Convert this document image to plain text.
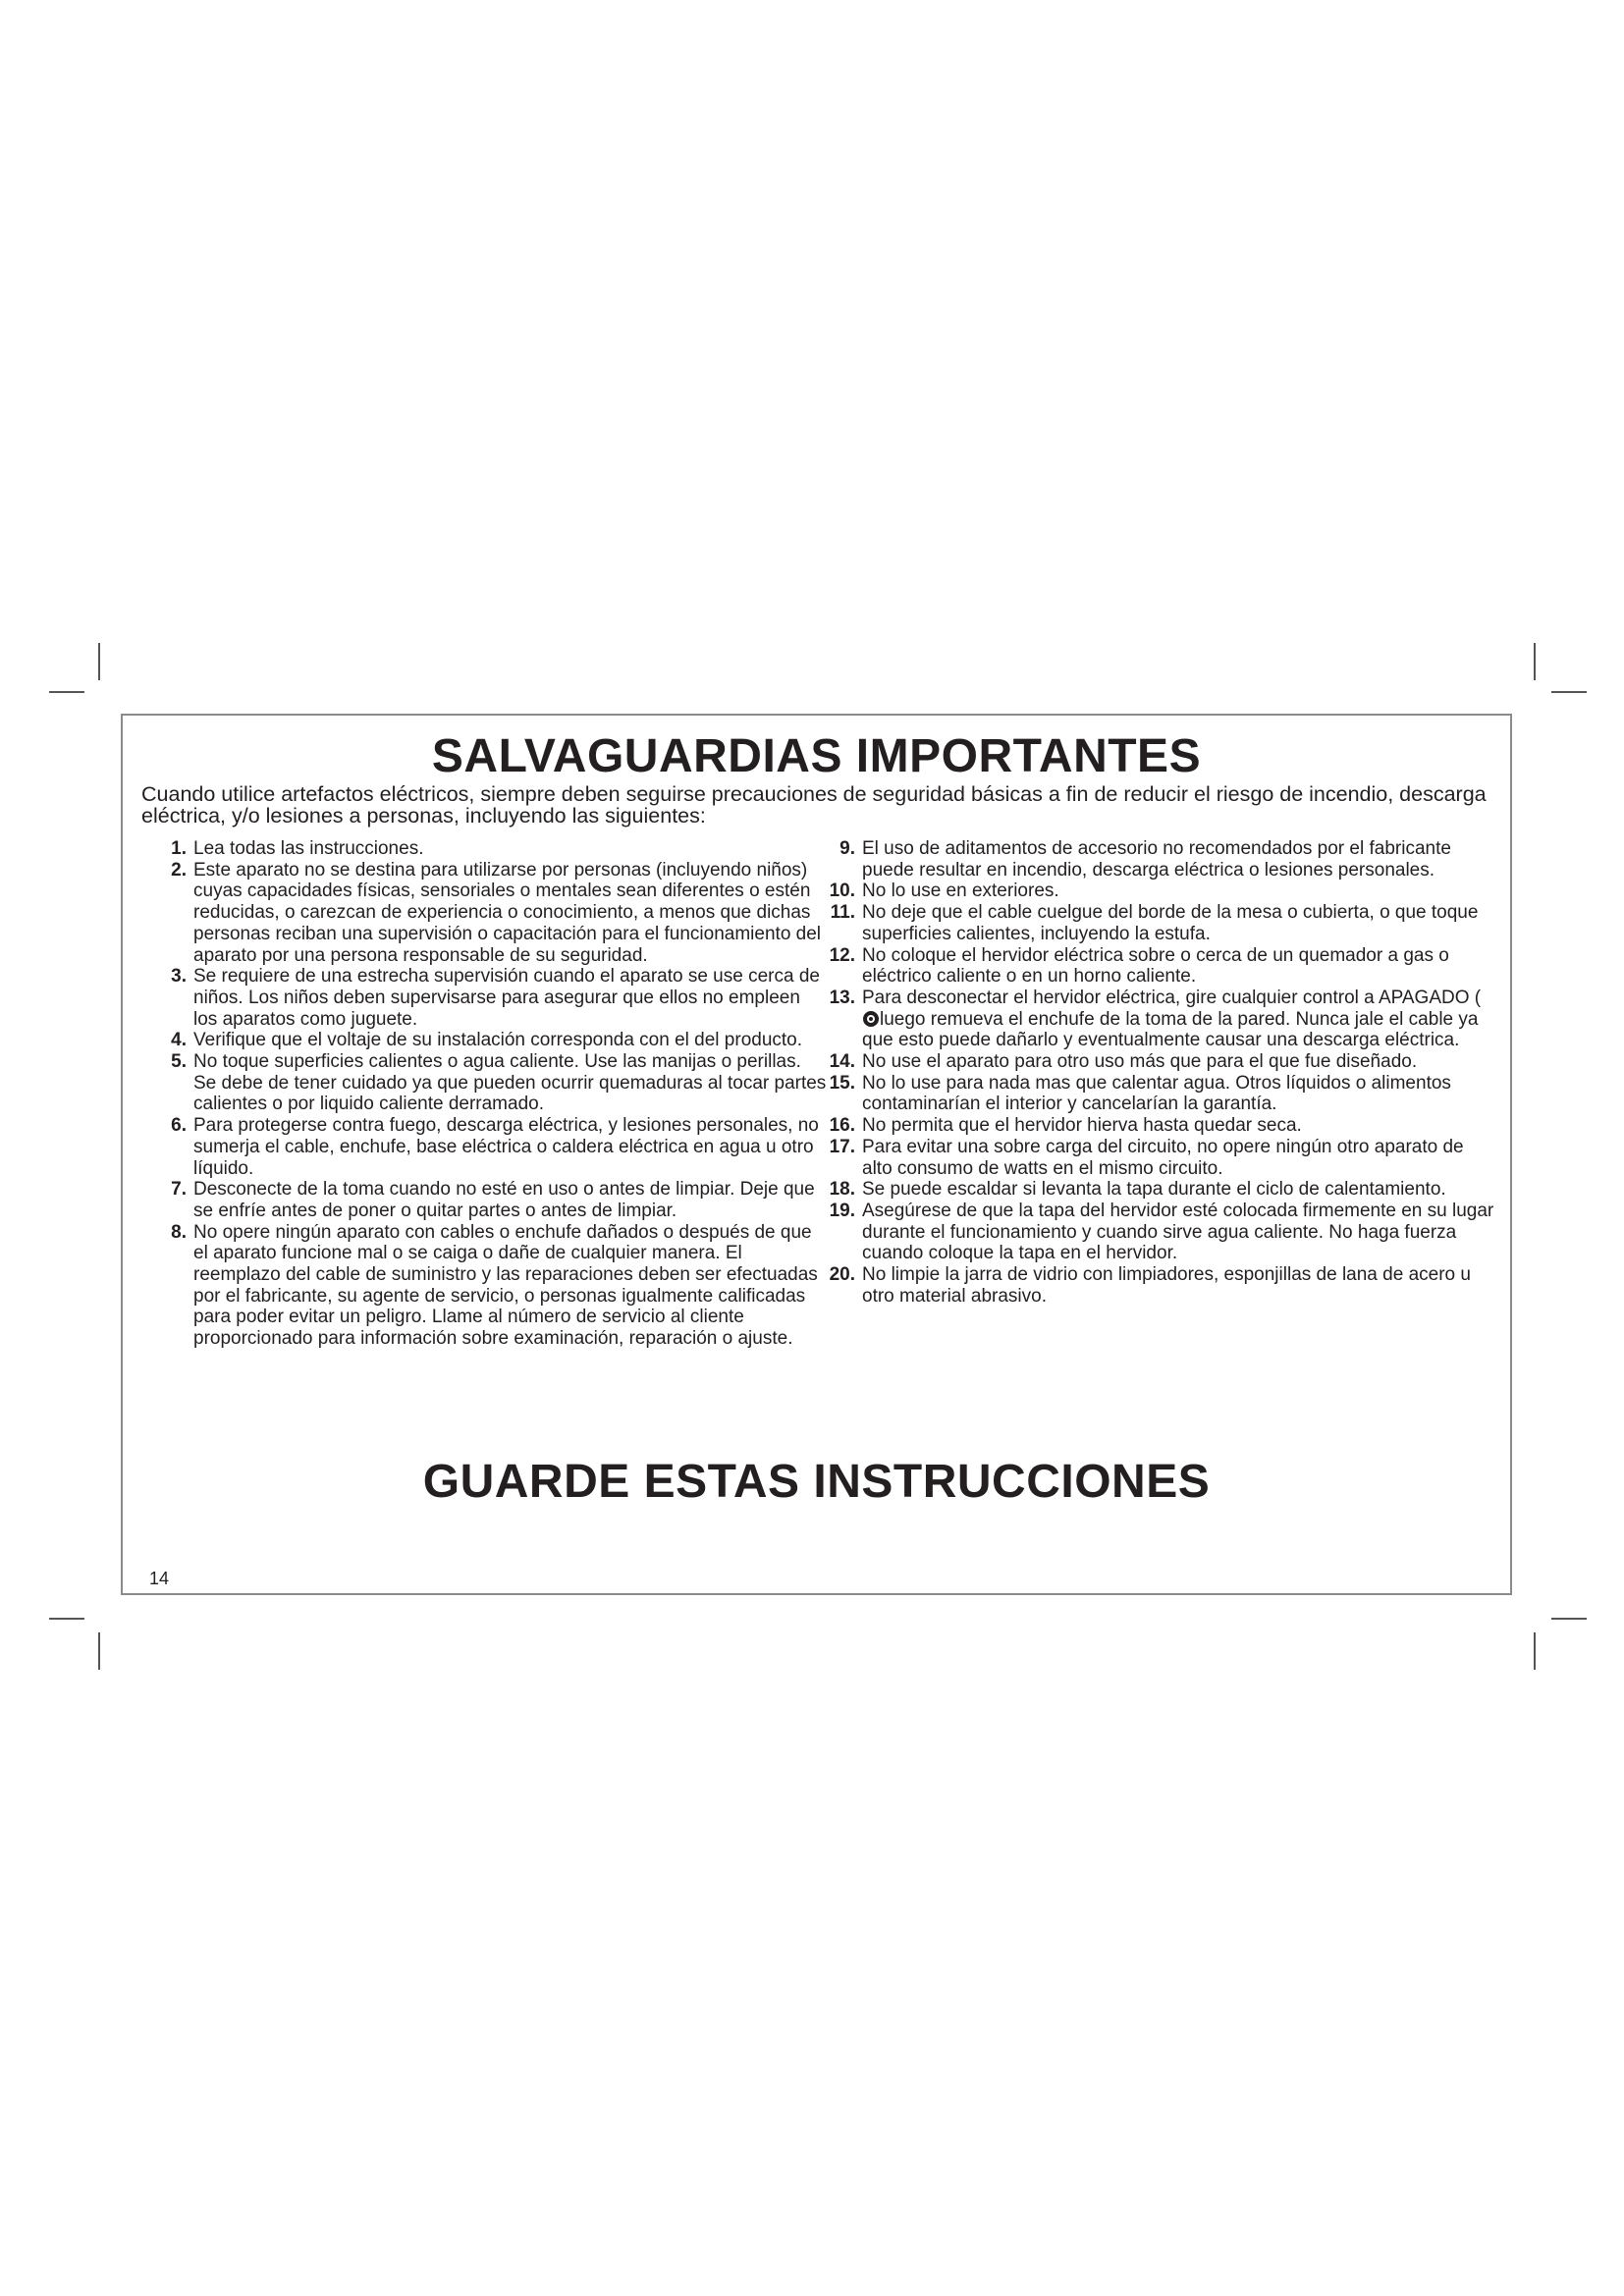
SALVAGUARDIAS IMPORTANTES

Cuando utilice artefactos eléctricos, siempre deben seguirse precauciones de seguridad básicas a fin de reducir el riesgo de incendio, descarga eléctrica, y/o lesiones a personas, incluyendo las siguientes:

1. Lea todas las instrucciones.
2. Este aparato no se destina para utilizarse por personas (incluyendo niños) cuyas capacidades físicas, sensoriales o mentales sean diferentes o estén reducidas, o carezcan de experiencia o conocimiento, a menos que dichas personas reciban una supervisión o capacitación para el funcionamiento del aparato por una persona responsable de su seguridad.
3. Se requiere de una estrecha supervisión cuando el aparato se use cerca de niños. Los niños deben supervisarse para asegurar que ellos no empleen los aparatos como juguete.
4. Verifique que el voltaje de su instalación corresponda con el del producto.
5. No toque superficies calientes o agua caliente. Use las manijas o perillas. Se debe de tener cuidado ya que pueden ocurrir quemaduras al tocar partes calientes o por liquido caliente derramado.
6. Para protegerse contra fuego, descarga eléctrica, y lesiones personales, no sumerja el cable, enchufe, base eléctrica o caldera eléctrica en agua u otro líquido.
7. Desconecte de la toma cuando no esté en uso o antes de limpiar. Deje que se enfríe antes de poner o quitar partes o antes de limpiar.
8. No opere ningún aparato con cables o enchufe dañados o después de que el aparato funcione mal o se caiga o dañe de cualquier manera. El reemplazo del cable de suministro y las reparaciones deben ser efectuadas por el fabricante, su agente de servicio, o personas igualmente calificadas para poder evitar un peligro. Llame al número de servicio al cliente proporcionado para información sobre examinación, reparación o ajuste.
9. El uso de aditamentos de accesorio no recomendados por el fabricante puede resultar en incendio, descarga eléctrica o lesiones personales.
10. No lo use en exteriores.
11. No deje que el cable cuelgue del borde de la mesa o cubierta, o que toque superficies calientes, incluyendo la estufa.
12. No coloque el hervidor eléctrica sobre o cerca de un quemador a gas o eléctrico caliente o en un horno caliente.
13. Para desconectar el hervidor eléctrica, gire cualquier control a APAGADO (luego remueva el enchufe de la toma de la pared. Nunca jale el cable ya que esto puede dañarlo y eventualmente causar una descarga eléctrica.
14. No use el aparato para otro uso más que para el que fue diseñado.
15. No lo use para nada mas que calentar agua. Otros líquidos o alimentos contaminarían el interior y cancelarían la garantía.
16. No permita que el hervidor hierva hasta quedar seca.
17. Para evitar una sobre carga del circuito, no opere ningún otro aparato de alto consumo de watts en el mismo circuito.
18. Se puede escaldar si levanta la tapa durante el ciclo de calentamiento.
19. Asegúrese de que la tapa del hervidor esté colocada firmemente en su lugar durante el funcionamiento y cuando sirve agua caliente. No haga fuerza cuando coloque la tapa en el hervidor.
20. No limpie la jarra de vidrio con limpiadores, esponjillas de lana de acero u otro material abrasivo.
GUARDE ESTAS INSTRUCCIONES
14
